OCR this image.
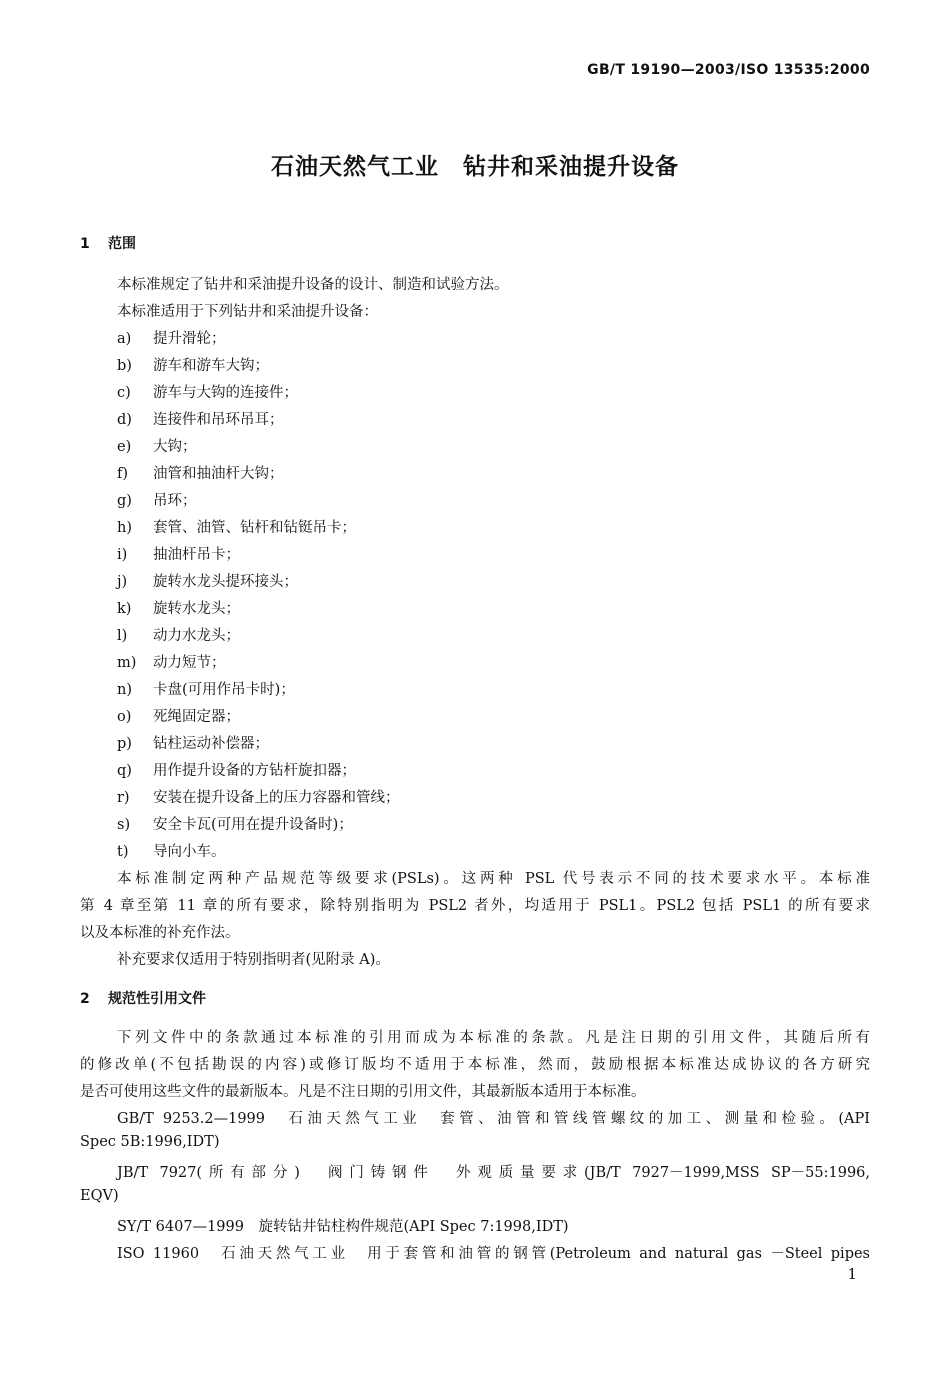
GB/T 19190—2003/ISO 13535:2000
石油天然气工业　钻井和采油提升设备
1 范围
本标准规定了钻井和采油提升设备的设计、制造和试验方法。
本标准适用于下列钻井和采油提升设备：
a) 提升滑轮；
b) 游车和游车大钩；
c) 游车与大钩的连接件；
d) 连接件和吊环吊耳；
e) 大钩；
f) 油管和抽油杆大钩；
g) 吊环；
h) 套管、油管、钻杆和钻铤吊卡；
i) 抽油杆吊卡；
j) 旋转水龙头提环接头；
k) 旋转水龙头；
l) 动力水龙头；
m) 动力短节；
n) 卡盘(可用作吊卡时)；
o) 死绳固定器；
p) 钻柱运动补偿器；
q) 用作提升设备的方钻杆旋扣器；
r) 安装在提升设备上的压力容器和管线；
s) 安全卡瓦(可用在提升设备时)；
t) 导向小车。
本标准制定两种产品规范等级要求(PSLs)。这两种 PSL 代号表示不同的技术要求水平。本标准
第 4 章至第 11 章的所有要求，除特别指明为 PSL2 者外，均适用于 PSL1。PSL2 包括 PSL1 的所有要求
以及本标准的补充作法。
补充要求仅适用于特别指明者(见附录 A)。
2 规范性引用文件
下列文件中的条款通过本标准的引用而成为本标准的条款。凡是注日期的引用文件，其随后所有
的修改单(不包括勘误的内容)或修订版均不适用于本标准，然而，鼓励根据本标准达成协议的各方研究
是否可使用这些文件的最新版本。凡是不注日期的引用文件，其最新版本适用于本标准。
GB/T 9253.2—1999　石油天然气工业　套管、油管和管线管螺纹的加工、测量和检验。(API
Spec 5B:1996,IDT)
JB/T 7927(所有部分)　阀门铸钢件　外观质量要求(JB/T 7927－1999,MSS SP－55:1996,
EQV)
SY/T 6407—1999　旋转钻井钻柱构件规范(API Spec 7:1998,IDT)
ISO 11960　石油天然气工业　用于套管和油管的钢管(Petroleum and natural gas －Steel pipes
1
